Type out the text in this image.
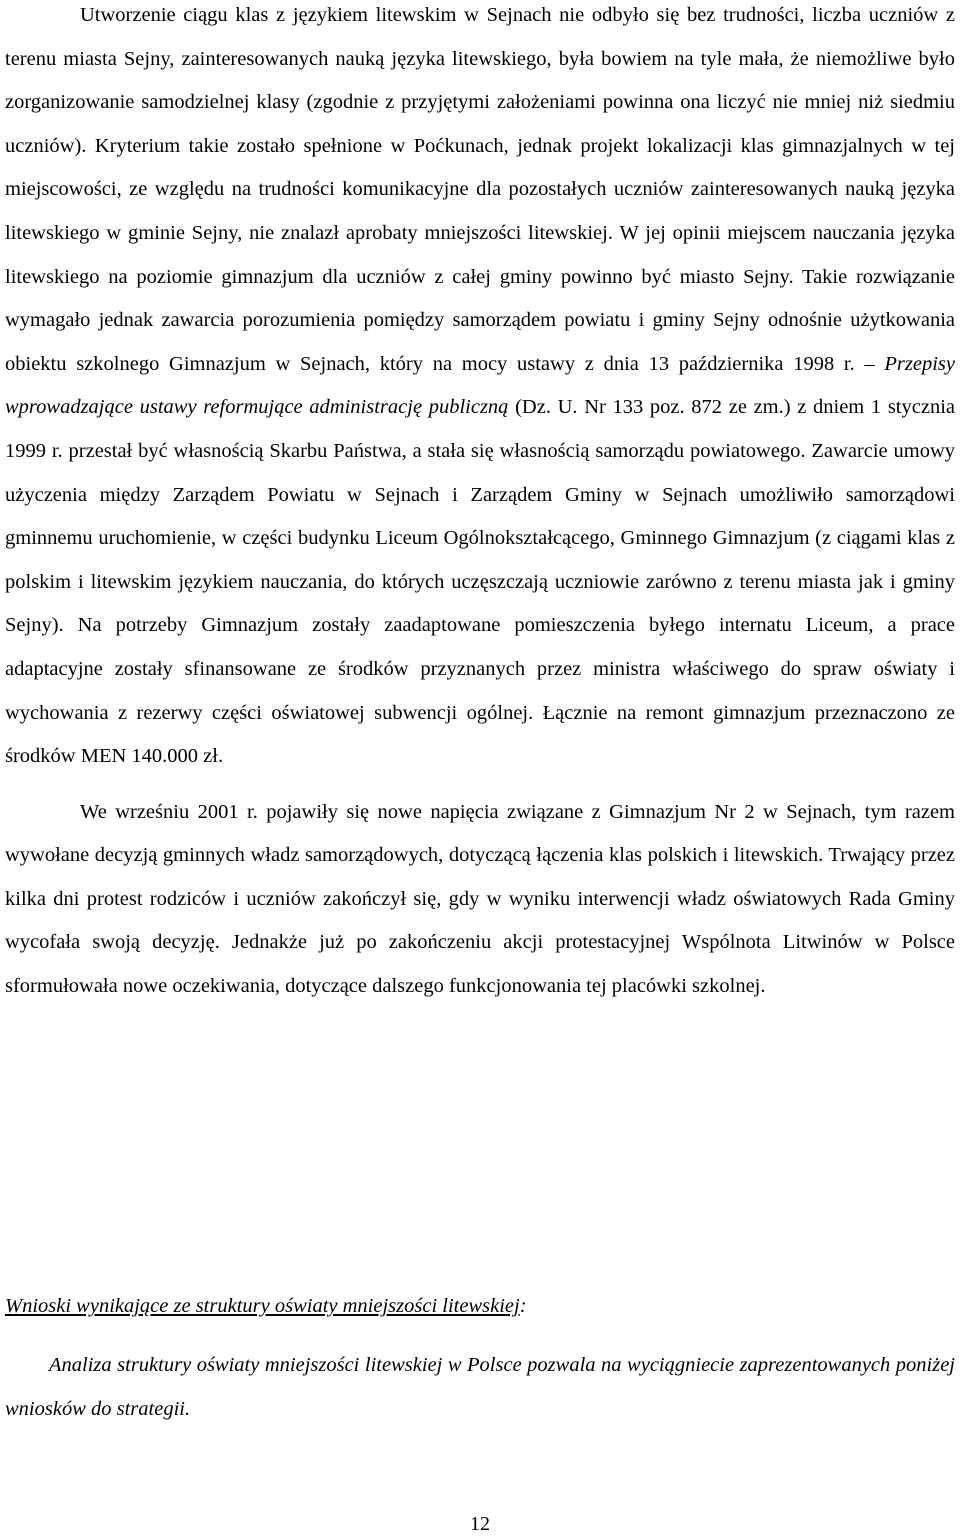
Utworzenie ciągu klas z językiem litewskim w Sejnach nie odbyło się bez trudności, liczba uczniów z terenu miasta Sejny, zainteresowanych nauką języka litewskiego, była bowiem na tyle mała, że niemożliwe było zorganizowanie samodzielnej klasy (zgodnie z przyjętymi założeniami powinna ona liczyć nie mniej niż siedmiu uczniów). Kryterium takie zostało spełnione w Poćkunach, jednak projekt lokalizacji klas gimnazjalnych w tej miejscowości, ze względu na trudności komunikacyjne dla pozostałych uczniów zainteresowanych nauką języka litewskiego w gminie Sejny, nie znalazł aprobaty mniejszości litewskiej. W jej opinii miejscem nauczania języka litewskiego na poziomie gimnazjum dla uczniów z całej gminy powinno być miasto Sejny. Takie rozwiązanie wymagało jednak zawarcia porozumienia pomiędzy samorządem powiatu i gminy Sejny odnośnie użytkowania obiektu szkolnego Gimnazjum w Sejnach, który na mocy ustawy z dnia 13 października 1998 r. – Przepisy wprowadzające ustawy reformujące administrację publiczną (Dz. U. Nr 133 poz. 872 ze zm.) z dniem 1 stycznia 1999 r. przestał być własnością Skarbu Państwa, a stała się własnością samorządu powiatowego. Zawarcie umowy użyczenia między Zarządem Powiatu w Sejnach i Zarządem Gminy w Sejnach umożliwiło samorządowi gminnemu uruchomienie, w części budynku Liceum Ogólnokształcącego, Gminnego Gimnazjum (z ciągami klas z polskim i litewskim językiem nauczania, do których uczęszczają uczniowie zarówno z terenu miasta jak i gminy Sejny). Na potrzeby Gimnazjum zostały zaadaptowane pomieszczenia byłego internatu Liceum, a prace adaptacyjne zostały sfinansowane ze środków przyznanych przez ministra właściwego do spraw oświaty i wychowania z rezerwy części oświatowej subwencji ogólnej. Łącznie na remont gimnazjum przeznaczono ze środków MEN 140.000 zł.

We wrześniu 2001 r. pojawiły się nowe napięcia związane z Gimnazjum Nr 2 w Sejnach, tym razem wywołane decyzją gminnych władz samorządowych, dotyczącą łączenia klas polskich i litewskich. Trwający przez kilka dni protest rodziców i uczniów zakończył się, gdy w wyniku interwencji władz oświatowych Rada Gminy wycofała swoją decyzję. Jednakże już po zakończeniu akcji protestacyjnej Wspólnota Litwinów w Polsce sformułowała nowe oczekiwania, dotyczące dalszego funkcjonowania tej placówki szkolnej.

Wnioski wynikające ze struktury oświaty mniejszości litewskiej:

Analiza struktury oświaty mniejszości litewskiej w Polsce pozwala na wyciągniecie zaprezentowanych poniżej wniosków do strategii.

12
